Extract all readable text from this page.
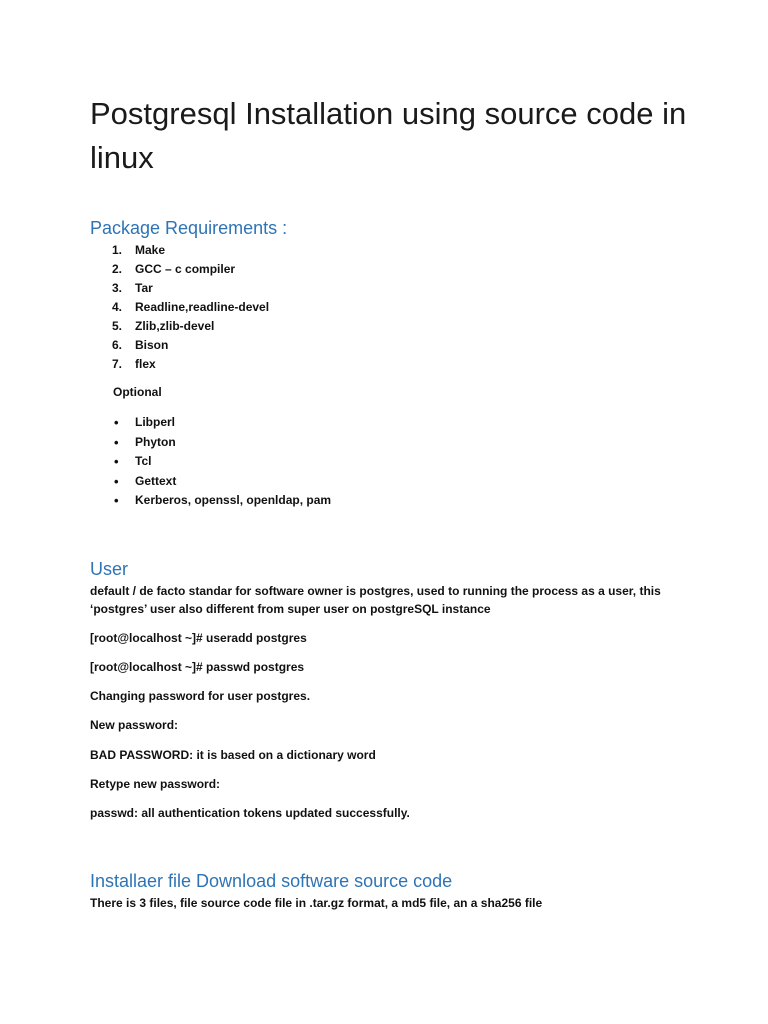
Postgresql Installation using source code in linux
Package Requirements :
1.	Make
2.	GCC – c compiler
3.	Tar
4.	Readline,readline-devel
5.	Zlib,zlib-devel
6.	Bison
7.	flex

Optional

•	Libperl
•	Phyton
•	Tcl
•	Gettext
•	Kerberos, openssl, openldap, pam
User

default / de facto standar for software owner is postgres, used to running the process as a user, this ‘postgres’ user also different from super user on postgreSQL instance

[root@localhost ~]# useradd postgres

[root@localhost ~]# passwd postgres

Changing password for user postgres.

New password:

BAD PASSWORD: it is based on a dictionary word

Retype new password:

passwd: all authentication tokens updated successfully.

Installaer file Download software source code

There is 3 files, file source code file in .tar.gz format, a md5 file, an a sha256 file
